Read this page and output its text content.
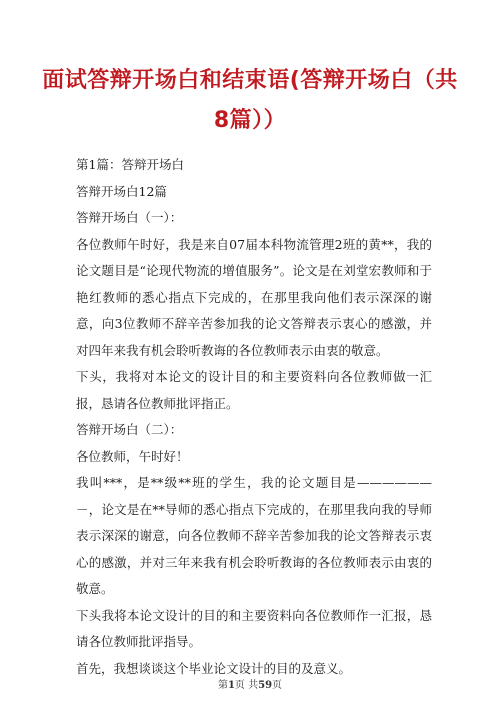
面试答辩开场白和结束语(答辩开场白（共
8篇））

第1篇：答辩开场白

答辩开场白12篇

答辩开场白（一）：

各位教师午时好，我是来自07届本科物流管理2班的黄**，我的论文题目是“论现代物流的增值服务”。论文是在刘堂宏教师和于艳红教师的悉心指点下完成的，在那里我向他们表示深深的谢意，向3位教师不辞辛苦参加我的论文答辩表示衷心的感激，并对四年来我有机会聆听教诲的各位教师表示由衷的敬意。

下头，我将对本论文的设计目的和主要资料向各位教师做一汇报，恳请各位教师批评指正。

答辩开场白（二）：

各位教师，午时好！

我叫***，是**级**班的学生，我的论文题目是——————－，论文是在**导师的悉心指点下完成的，在那里我向我的导师表示深深的谢意，向各位教师不辞辛苦参加我的论文答辩表示衷心的感激，并对三年来我有机会聆听教诲的各位教师表示由衷的敬意。

下头我将本论文设计的目的和主要资料向各位教师作一汇报，恳请各位教师批评指导。

首先，我想谈谈这个毕业论文设计的目的及意义。

第1页 共59页
